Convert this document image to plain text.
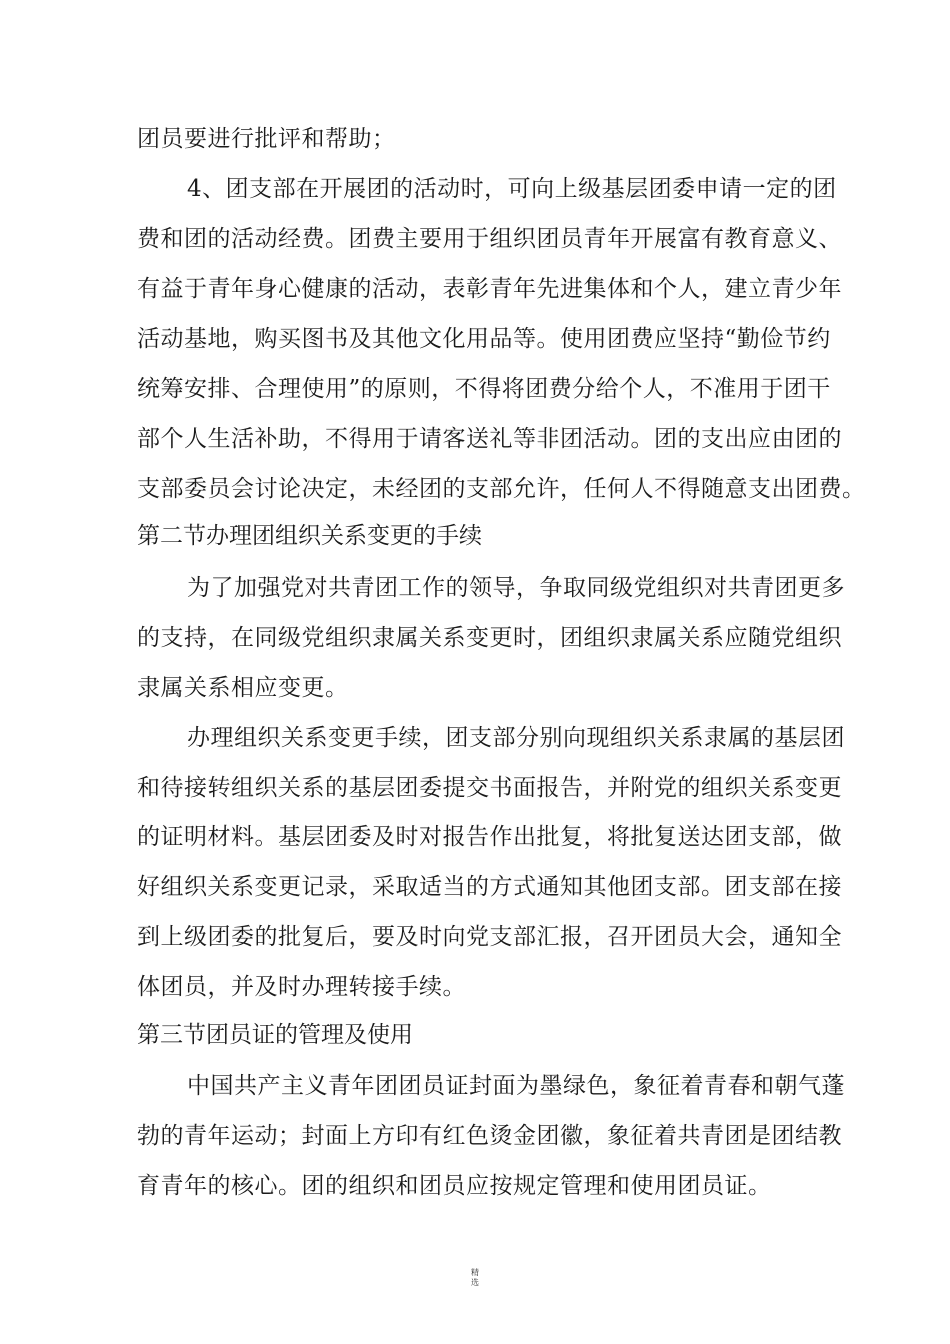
团员要进行批评和帮助；
4、团支部在开展团的活动时，可向上级基层团委申请一定的团
费和团的活动经费。团费主要用于组织团员青年开展富有教育意义、
有益于青年身心健康的活动，表彰青年先进集体和个人，建立青少年
活动基地，购买图书及其他文化用品等。使用团费应坚持“勤俭节约
统筹安排、合理使用”的原则，不得将团费分给个人，不准用于团干
部个人生活补助，不得用于请客送礼等非团活动。团的支出应由团的
支部委员会讨论决定，未经团的支部允许，任何人不得随意支出团费。
第二节办理团组织关系变更的手续
为了加强党对共青团工作的领导，争取同级党组织对共青团更多
的支持，在同级党组织隶属关系变更时，团组织隶属关系应随党组织
隶属关系相应变更。
办理组织关系变更手续，团支部分别向现组织关系隶属的基层团
和待接转组织关系的基层团委提交书面报告，并附党的组织关系变更
的证明材料。基层团委及时对报告作出批复，将批复送达团支部，做
好组织关系变更记录，采取适当的方式通知其他团支部。团支部在接
到上级团委的批复后，要及时向党支部汇报，召开团员大会，通知全
体团员，并及时办理转接手续。
第三节团员证的管理及使用
中国共产主义青年团团员证封面为墨绿色，象征着青春和朝气蓬
勃的青年运动；封面上方印有红色烫金团徽，象征着共青团是团结教
育青年的核心。团的组织和团员应按规定管理和使用团员证。
精
选
